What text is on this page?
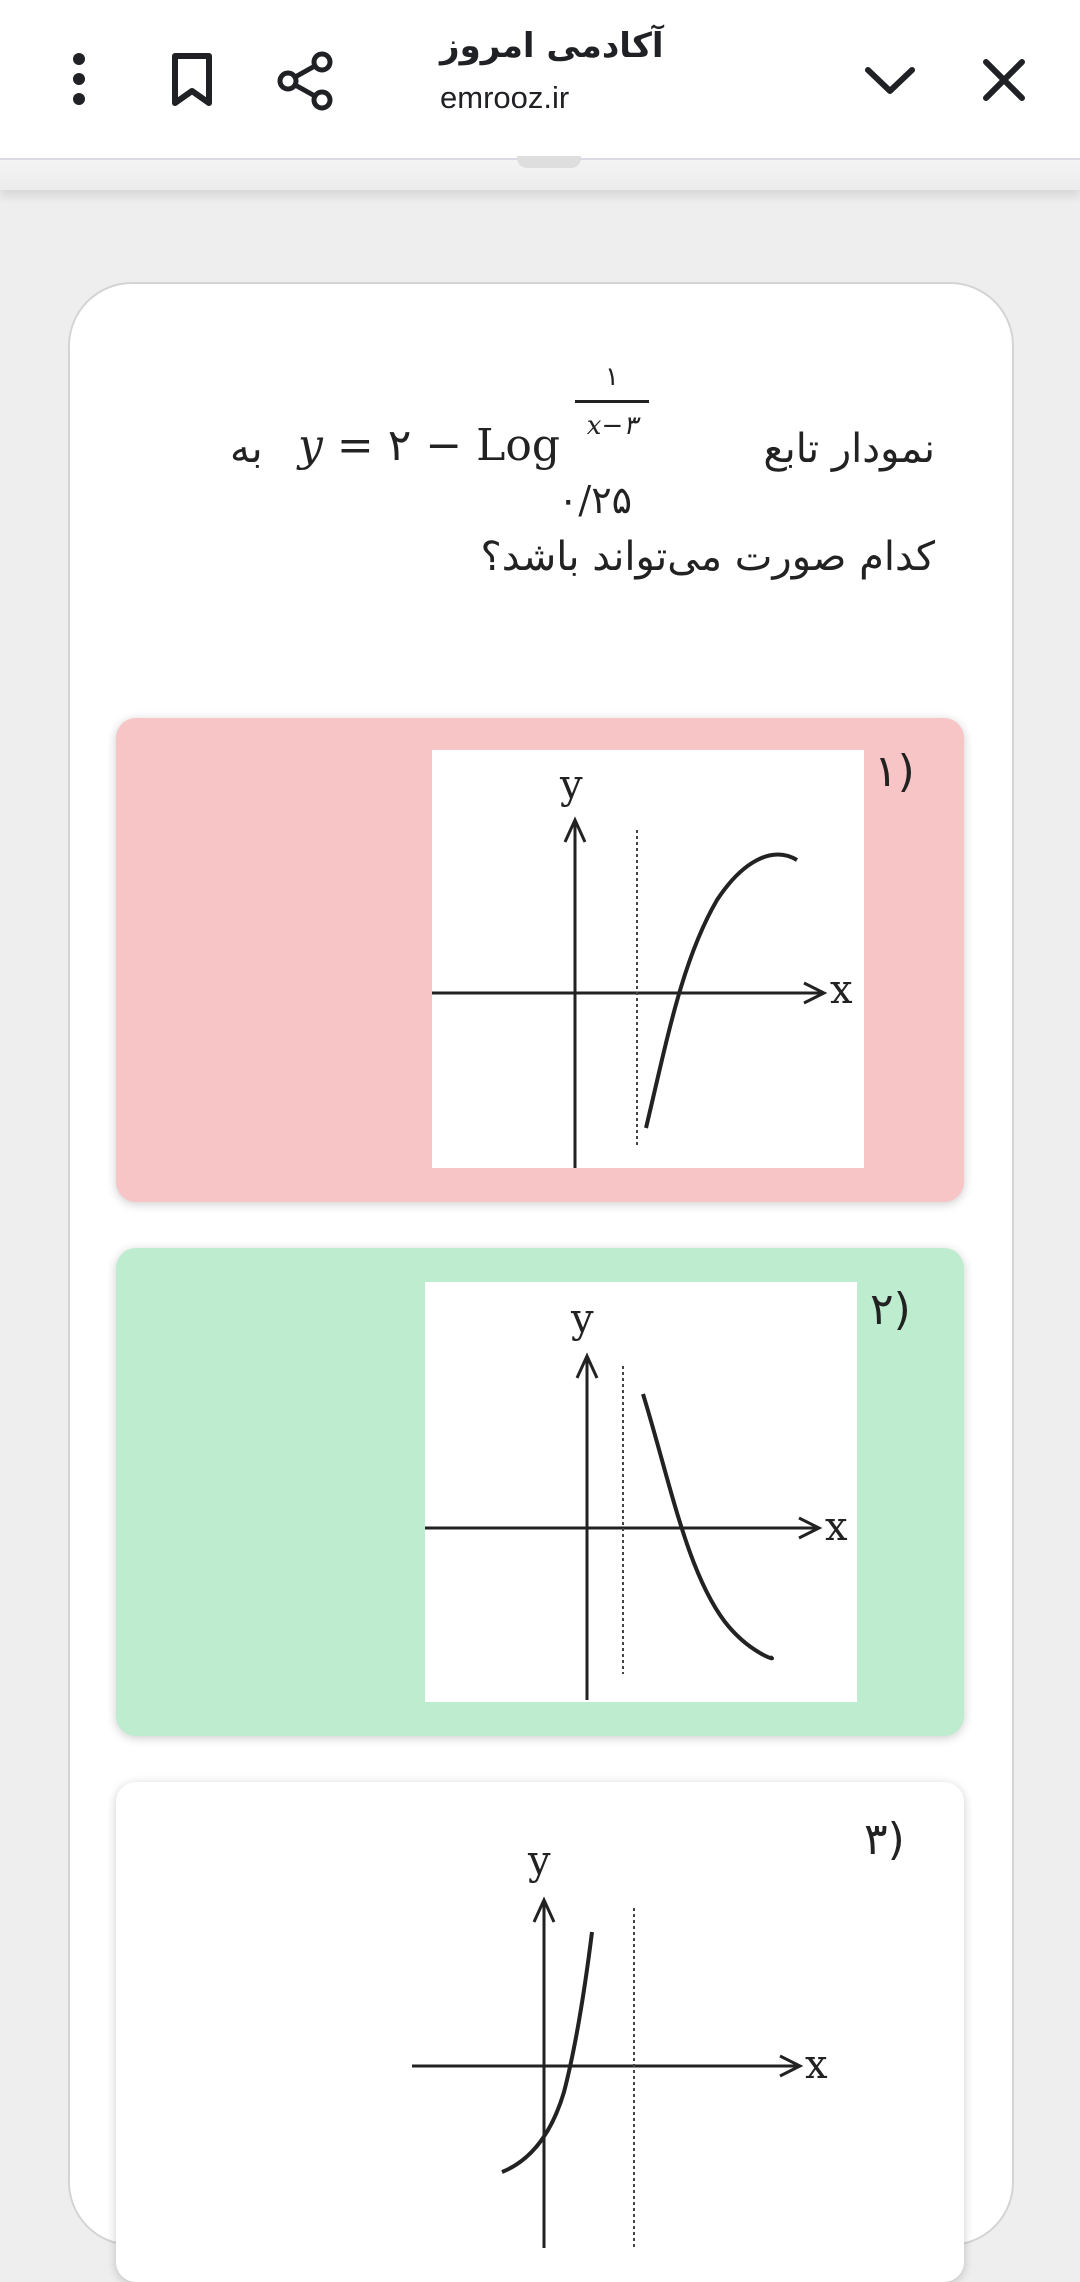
آکادمی امروز
emrooz.ir
۱
x−۳	نمودار تابع
y = ۲ − Log
به
۰/۲۵
کدام صورت می‌تواند باشد؟
۱)
x
y
۲)
x
y
۳)
x
y
